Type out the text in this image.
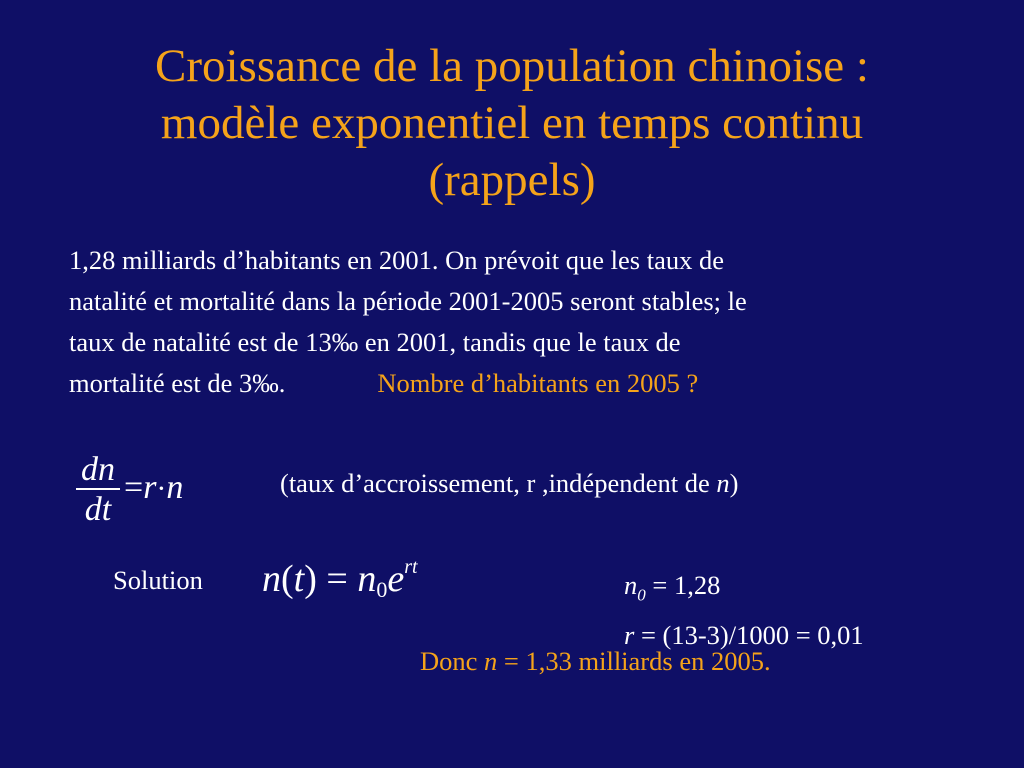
Croissance de la population chinoise :
modèle exponentiel en temps continu
(rappels)
1,28 milliards d’habitants en 2001. On prévoit que les taux de
natalité et mortalité dans la période 2001-2005 seront stables; le
taux de natalité est de 13‰ en 2001, tandis que le taux de
mortalité est de 3‰.	Nombre d’habitants en 2005 ?
dn
dt
=r·n	(taux d’accroissement, r ,indépendent de n)
Solution $n(t) = n_0e^{rt}$
$n_0 = 1,28$
r = (13-3)/1000 = 0,01
Donc n = 1,33 milliards en 2005.
